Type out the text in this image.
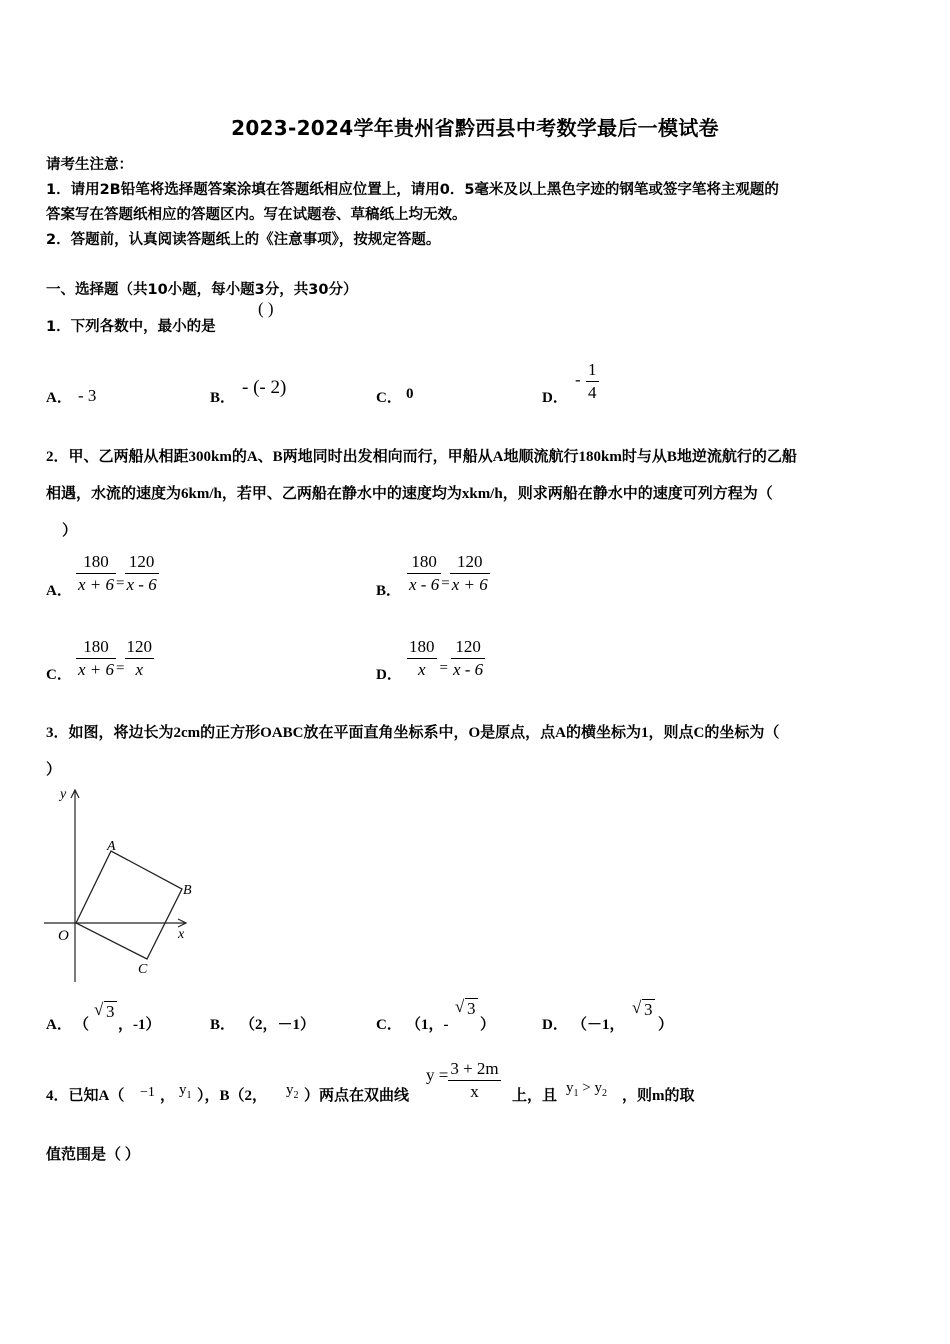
2023-2024学年贵州省黔西县中考数学最后一模试卷
请考生注意：
1．请用2B铅笔将选择题答案涂填在答题纸相应位置上，请用0．5毫米及以上黑色字迹的钢笔或签字笔将主观题的
答案写在答题纸相应的答题区内。写在试题卷、草稿纸上均无效。
2．答题前，认真阅读答题纸上的《注意事项》，按规定答题。
一、选择题（共10小题，每小题3分，共30分）
1．下列各数中，最小的是
( )
A． - 3	B． - (- 2)	C． 0	D．
- $\frac{1}{4}$
2．甲、乙两船从相距300km的A、B两地同时出发相向而行，甲船从A地顺流航行180km时与从B地逆流航行的乙船
相遇，水流的速度为6km/h，若甲、乙两船在静水中的速度均为xkm/h，则求两船在静水中的速度可列方程为（
）
A． $\frac{180}{x + 6} = \frac{120}{x - 6}$	B． $\frac{180}{x - 6} = \frac{120}{x + 6}$
C． $\frac{180}{x + 6} = \frac{120}{x}$	D． $\frac{180}{x} = \frac{120}{x - 6}$
3．如图，将边长为2cm的正方形OABC放在平面直角坐标系中，O是原点，点A的横坐标为1，则点C的坐标为（
）
y
x
O
A
B
C
A． （
√ 3
，-1）	B． （2，－1）	C． （1，-
√ 3
）	D． （－1，
√ 3
）
4．已知A（ −1 ， $y_1$ ），B（2， $y_2$ ）两点在双曲线
$y = \frac{3 + 2m}{x}$ 上，且 $y_1 > y_2$ ，则m的取
值范围是（ ）
